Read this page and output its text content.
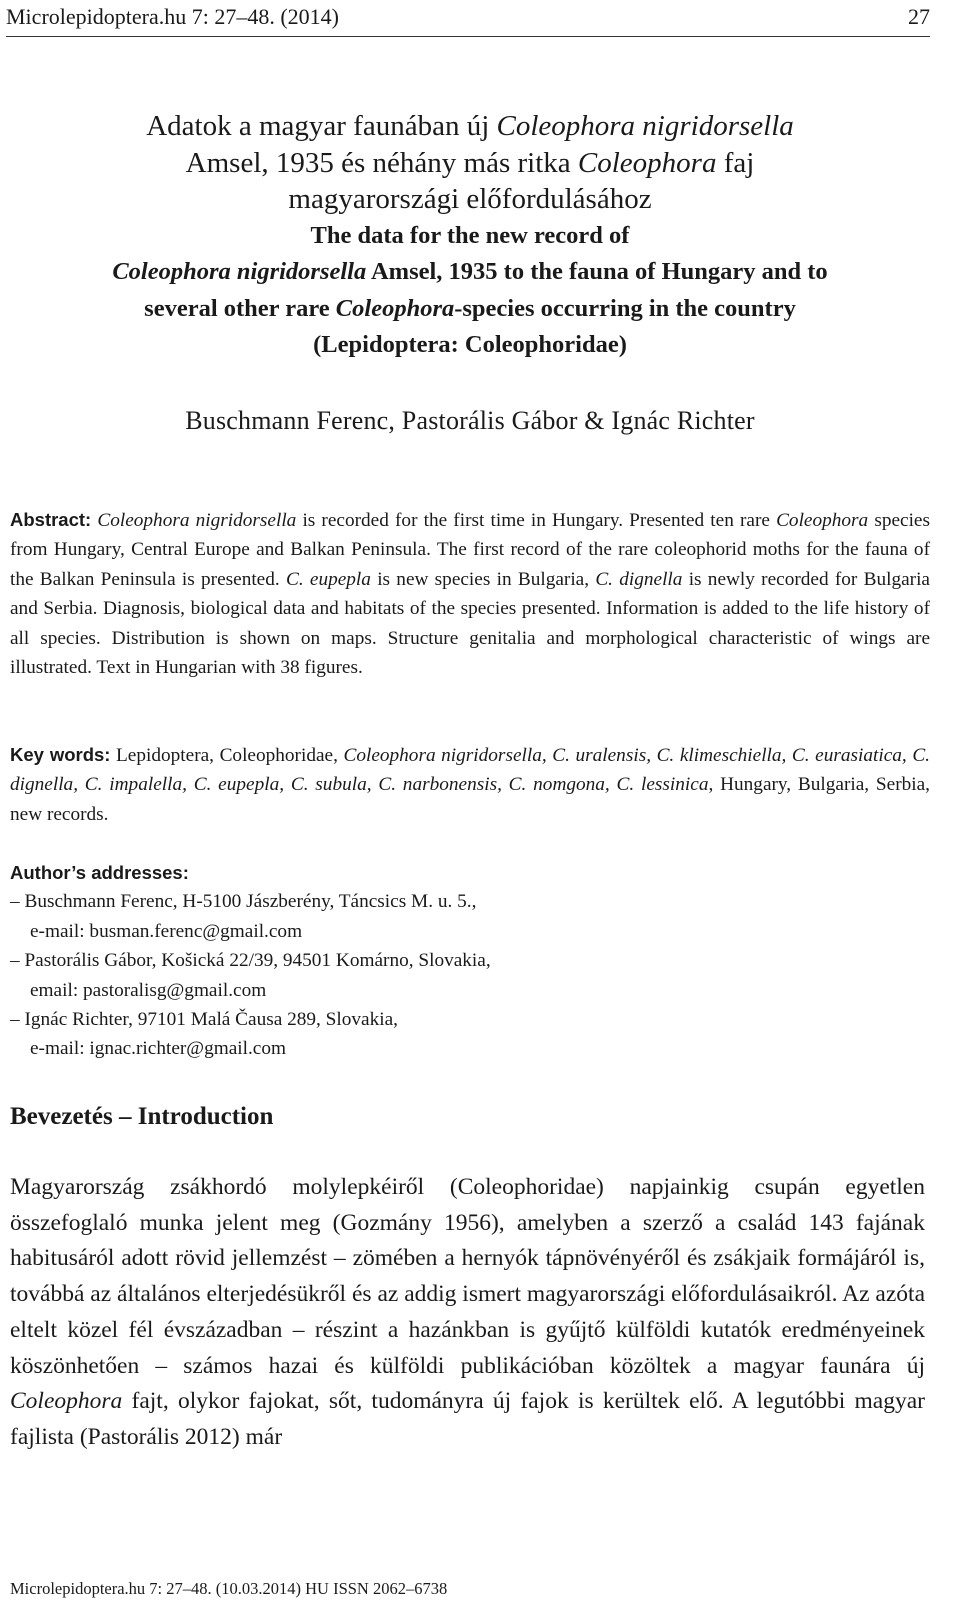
Microlepidoptera.hu 7: 27–48. (2014)	27
Adatok a magyar faunában új Coleophora nigridorsella
Amsel, 1935 és néhány más ritka Coleophora faj
magyarországi előfordulásához
The data for the new record of
Coleophora nigridorsella Amsel, 1935 to the fauna of Hungary and to
several other rare Coleophora-species occurring in the country
(Lepidoptera: Coleophoridae)
Buschmann Ferenc, Pastorális Gábor & Ignác Richter
Abstract: Coleophora nigridorsella is recorded for the first time in Hungary. Presented ten rare Coleophora species from Hungary, Central Europe and Balkan Peninsula. The first record of the rare coleophorid moths for the fauna of the Balkan Peninsula is presented. C. eupepla is new species in Bulgaria, C. dignella is newly recorded for Bulgaria and Serbia. Diagnosis, biological data and habitats of the species presented. Information is added to the life history of all species. Distribution is shown on maps. Structure genitalia and morphological characteristic of wings are illustrated. Text in Hungarian with 38 figures.
Key words: Lepidoptera, Coleophoridae, Coleophora nigridorsella, C. uralensis, C. klimeschiella, C. eurasiatica, C. dignella, C. impalella, C. eupepla, C. subula, C. narbonensis, C. nomgona, C. lessinica, Hungary, Bulgaria, Serbia, new records.
Author’s addresses:
– Buschmann Ferenc, H-5100 Jászberény, Táncsics M. u. 5.,
e-mail: busman.ferenc@gmail.com
– Pastorális Gábor, Košická 22/39, 94501 Komárno, Slovakia,
email: pastoralisg@gmail.com
– Ignác Richter, 97101 Malá Čausa 289, Slovakia,
e-mail: ignac.richter@gmail.com
Bevezetés – Introduction
Magyarország zsákhordó molylepkéiről (Coleophoridae) napjainkig csupán egyetlen összefoglaló munka jelent meg (Gozmány 1956), amelyben a szerző a család 143 fajának habitusáról adott rövid jellemzést – zömében a hernyók tápnövényéről és zsákjaik formájáról is, továbbá az általános elterjedésükről és az addig ismert magyarországi előfordulásaikról. Az azóta eltelt közel fél évszázadban – részint a hazánkban is gyűjtő külföldi kutatók eredményeinek köszönhetően – számos hazai és külföldi publikációban közöltek a magyar faunára új Coleophora fajt, olykor fajokat, sőt, tudományra új fajok is kerültek elő. A legutóbbi magyar fajlista (Pastorális 2012) már
Microlepidoptera.hu 7: 27–48. (10.03.2014) HU ISSN 2062–6738
